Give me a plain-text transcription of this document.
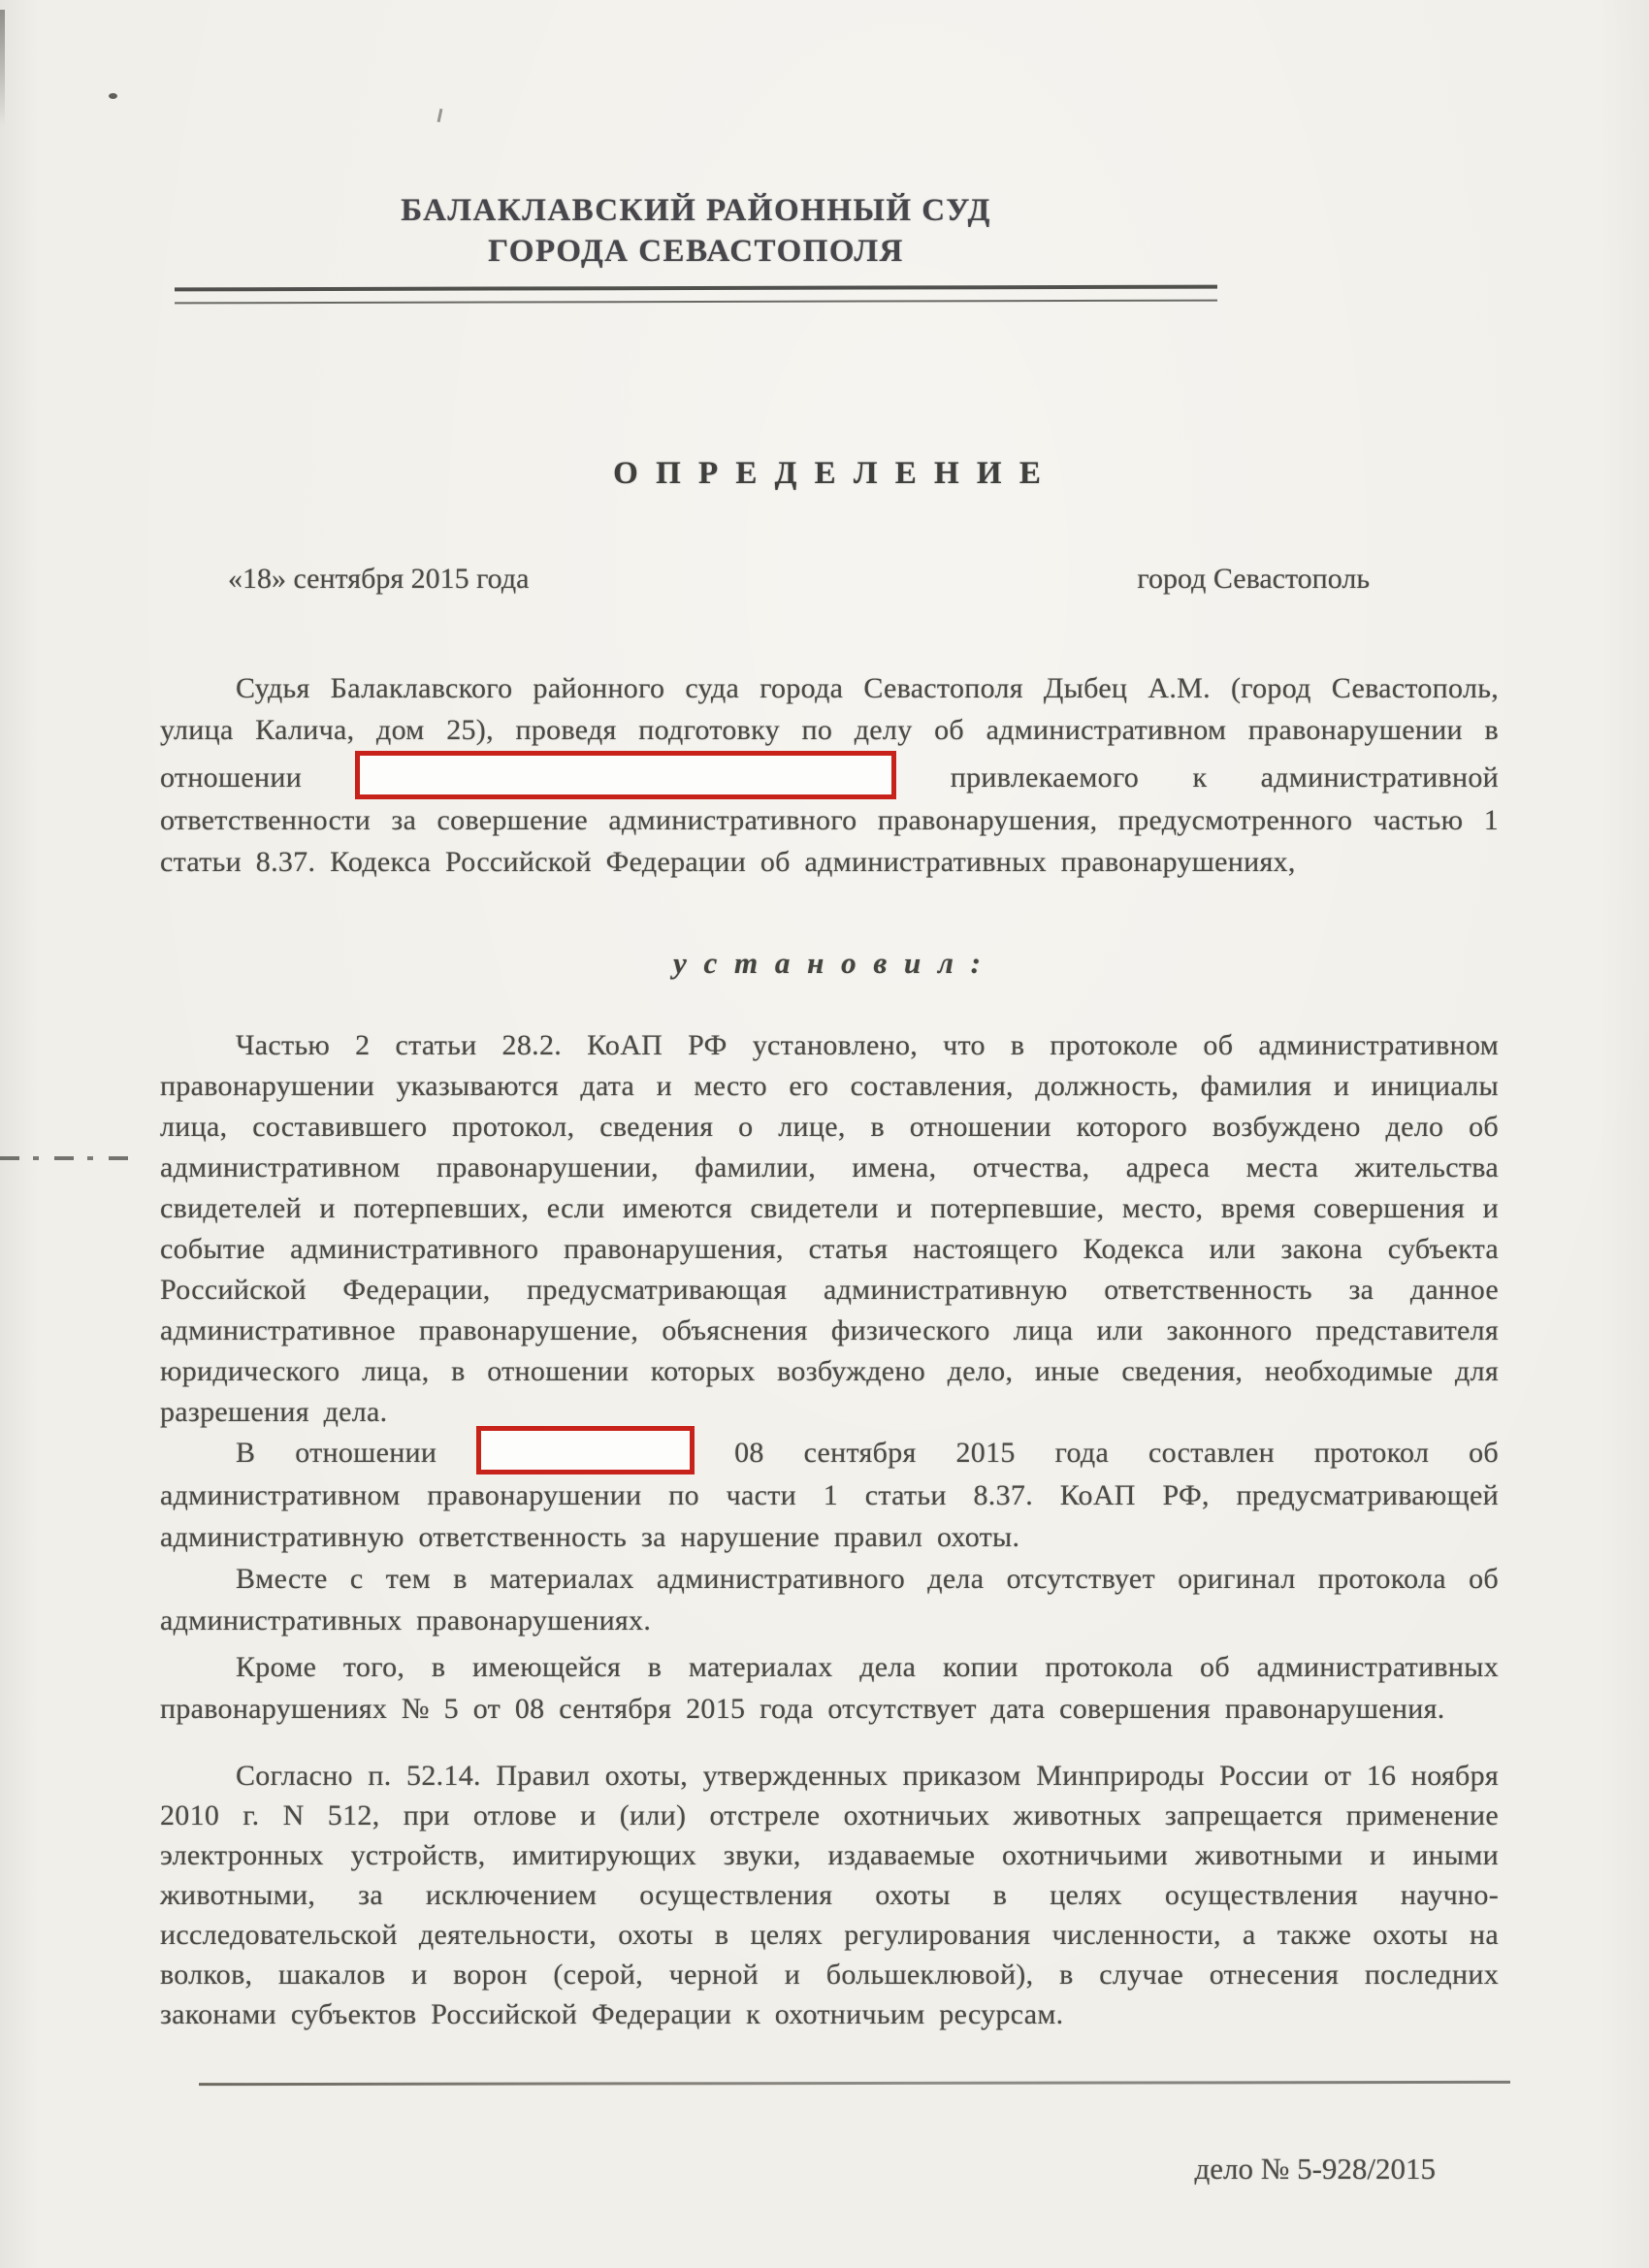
БАЛАКЛАВСКИЙ РАЙОННЫЙ СУД
ГОРОДА СЕВАСТОПОЛЯ
О П Р Е Д Е Л Е Н И Е
«18» сентября 2015 года	город Севастополь
Судья Балаклавского районного суда города Севастополя Дыбец А.М. (город Севастополь, улица Калича, дом 25), проведя подготовку по делу об административном правонарушении в отношении	привлекаемого к административной ответственности за совершение административного правонарушения, предусмотренного частью 1 статьи 8.37. Кодекса Российской Федерации об административных правонарушениях,
у с т а н о в и л :
Частью 2 статьи 28.2. КоАП РФ установлено, что в протоколе об административном правонарушении указываются дата и место его составления, должность, фамилия и инициалы лица, составившего протокол, сведения о лице, в отношении которого возбуждено дело об административном правонарушении, фамилии, имена, отчества, адреса места жительства свидетелей и потерпевших, если имеются свидетели и потерпевшие, место, время совершения и событие административного правонарушения, статья настоящего Кодекса или закона субъекта Российской Федерации, предусматривающая административную ответственность за данное административное правонарушение, объяснения физического лица или законного представителя юридического лица, в отношении которых возбуждено дело, иные сведения, необходимые для разрешения дела.
В отношении	08 сентября 2015 года составлен протокол об административном правонарушении по части 1 статьи 8.37. КоАП РФ, предусматривающей административную ответственность за нарушение правил охоты.
Вместе с тем в материалах административного дела отсутствует оригинал протокола об административных правонарушениях.
Кроме того, в имеющейся в материалах дела копии протокола об административных правонарушениях № 5 от 08 сентября 2015 года отсутствует дата совершения правонарушения.
Согласно п. 52.14. Правил охоты, утвержденных приказом Минприроды России от 16 ноября 2010 г. N 512, при отлове и (или) отстреле охотничьих животных запрещается применение электронных устройств, имитирующих звуки, издаваемые охотничьими животными и иными животными, за исключением осуществления охоты в целях осуществления научно-исследовательской деятельности, охоты в целях регулирования численности, а также охоты на волков, шакалов и ворон (серой, черной и большеклювой), в случае отнесения последних законами субъектов Российской Федерации к охотничьим ресурсам.
дело № 5-928/2015
